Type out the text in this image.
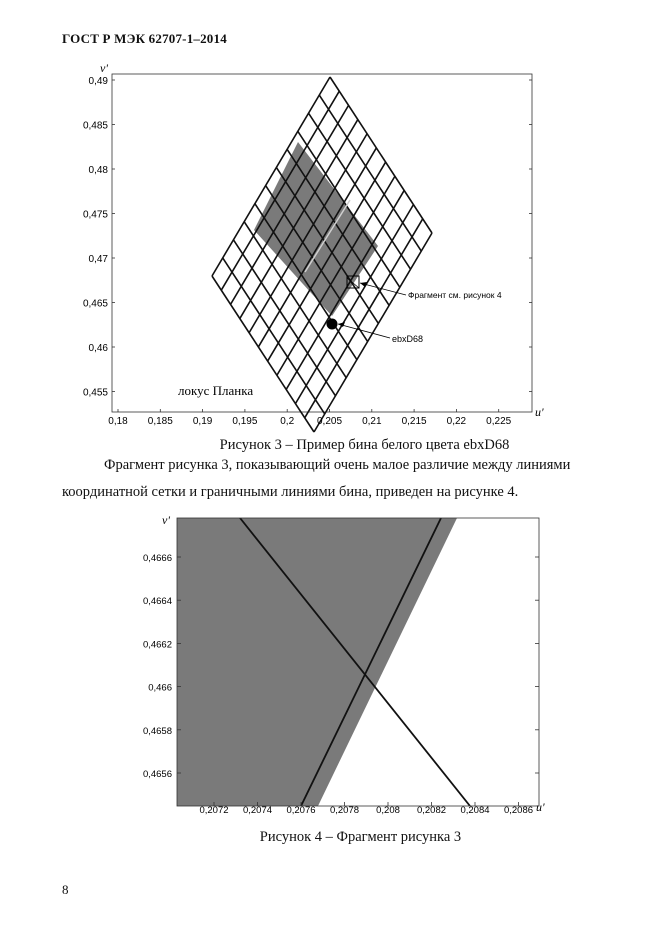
ГОСТ Р МЭК 62707-1–2014
Фрагмент см. рисунок 4
ebxD68
локус Планка
v'
u'
0,18 0,185 0,19 0,195 0,2 0,205 0,21 0,215 0,22 0,225
0,49
0,485
0,48
0,475
0,47
0,465
0,46
0,455
Рисунок 3 – Пример бина белого цвета ebxD68
Фрагмент рисунка 3, показывающий очень малое различие между линиями
координатной сетки и граничными линиями бина, приведен на рисунке 4.
v'
u'
0,2072 0,2074 0,2076 0,2078 0,208 0,2082 0,2084 0,2086
0,4666
0,4664
0,4662
0,466
0,4658
0,4656
Рисунок 4 – Фрагмент рисунка 3
8
